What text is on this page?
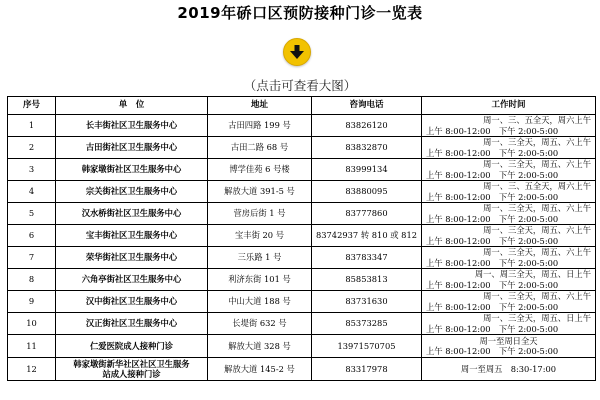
2019年硚口区预防接种门诊一览表
（点击可查看大图）
序号	单　位	地址	咨询电话	工作时间
1	长丰街社区卫生服务中心	古田四路 199 号	83826120	周一、三、五全天，周六上午
上午 8:00-12:00　下午 2:00-5:00

2	古田街社区卫生服务中心	古田二路 68 号	83832870	周一、三全天，周五、六上午
上午 8:00-12:00　下午 2:00-5:00

3	韩家墩街社区卫生服务中心	博学佳苑 6 号楼	83999134	周一、三全天，周五、六上午
上午 8:00-12:00　下午 2:00-5:00

4	宗关街社区卫生服务中心	解放大道 391-5 号	83880095	周一、三、五全天，周六上午
上午 8:00-12:00　下午 2:00-5:00

5	汉水桥街社区卫生服务中心	营房后街 1 号	83777860	周一、三全天，周五、六上午
上午 8:00-12:00　下午 2:00-5:00

6	宝丰街社区卫生服务中心	宝丰街 20 号	83742937 转 810 或 812	周一、三全天，周五、六上午
上午 8:00-12:00　下午 2:00-5:00

7	荣华街社区卫生服务中心	三乐路 1 号	83783347	周一、三全天，周五、六上午
上午 8:00-12:00　下午 2:00-5:00

8	六角亭街社区卫生服务中心	利济东街 101 号	85853813	周一、周三全天，周五、日上午
上午 8:00-12:00　下午 2:00-5:00

9	汉中街社区卫生服务中心	中山大道 188 号	83731630	周一、三全天，周五、六上午
上午 8:00-12:00　下午 2:00-5:00

10	汉正街社区卫生服务中心	长堤街 632 号	85373285	周一、三全天，周五、日上午
上午 8:00-12:00　下午 2:00-5:00

11	仁爱医院成人接种门诊	解放大道 328 号	13971570705	周一至周日全天
上午 8:00-12:00　下午 2:00-5:00

12	韩家墩街新华社区社区卫生服务
站成人接种门诊	解放大道 145-2 号	83317978	周一至周五　8:30-17:00
